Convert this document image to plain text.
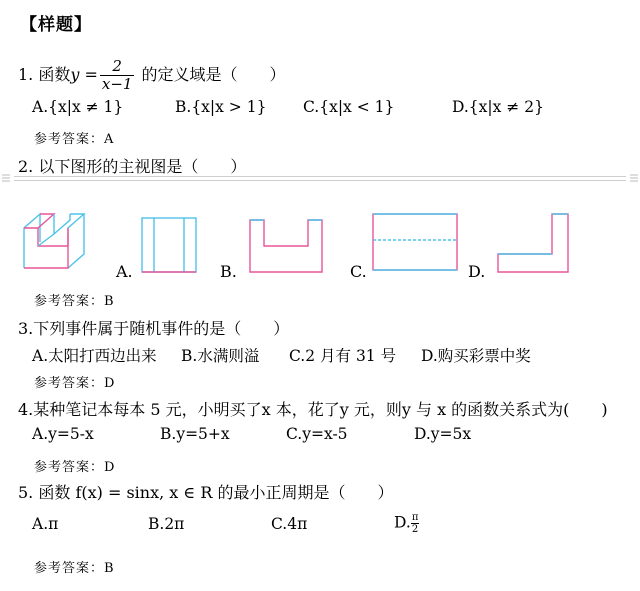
【样题】
1. 函数$y = \frac{2}{x-1}$ 的定义域是（　　）
A.{x|x ≠ 1}	B.{x|x > 1} C.{x|x < 1}	D.{x|x ≠ 2}
参考答案：A
2. 以下图形的主视图是（　　）
A.	B.	C.	D.
参考答案：B
3.下列事件属于随机事件的是（　　）
A.太阳打西边出来 B.水满则溢 C.2 月有 31 号 D.购买彩票中奖
参考答案：D
4.某种笔记本每本 5 元，小明买了x 本，花了y 元，则y 与 x 的函数关系式为(　　)
A.y=5-x	B.y=5+x	C.y=x-5	D.y=5x
参考答案：D
5. 函数 f(x) = sinx, x ∈ R 的最小正周期是（　　）
A.π	B.2π	C.4π	D. $\frac{\pi}{2}$
参考答案：B
